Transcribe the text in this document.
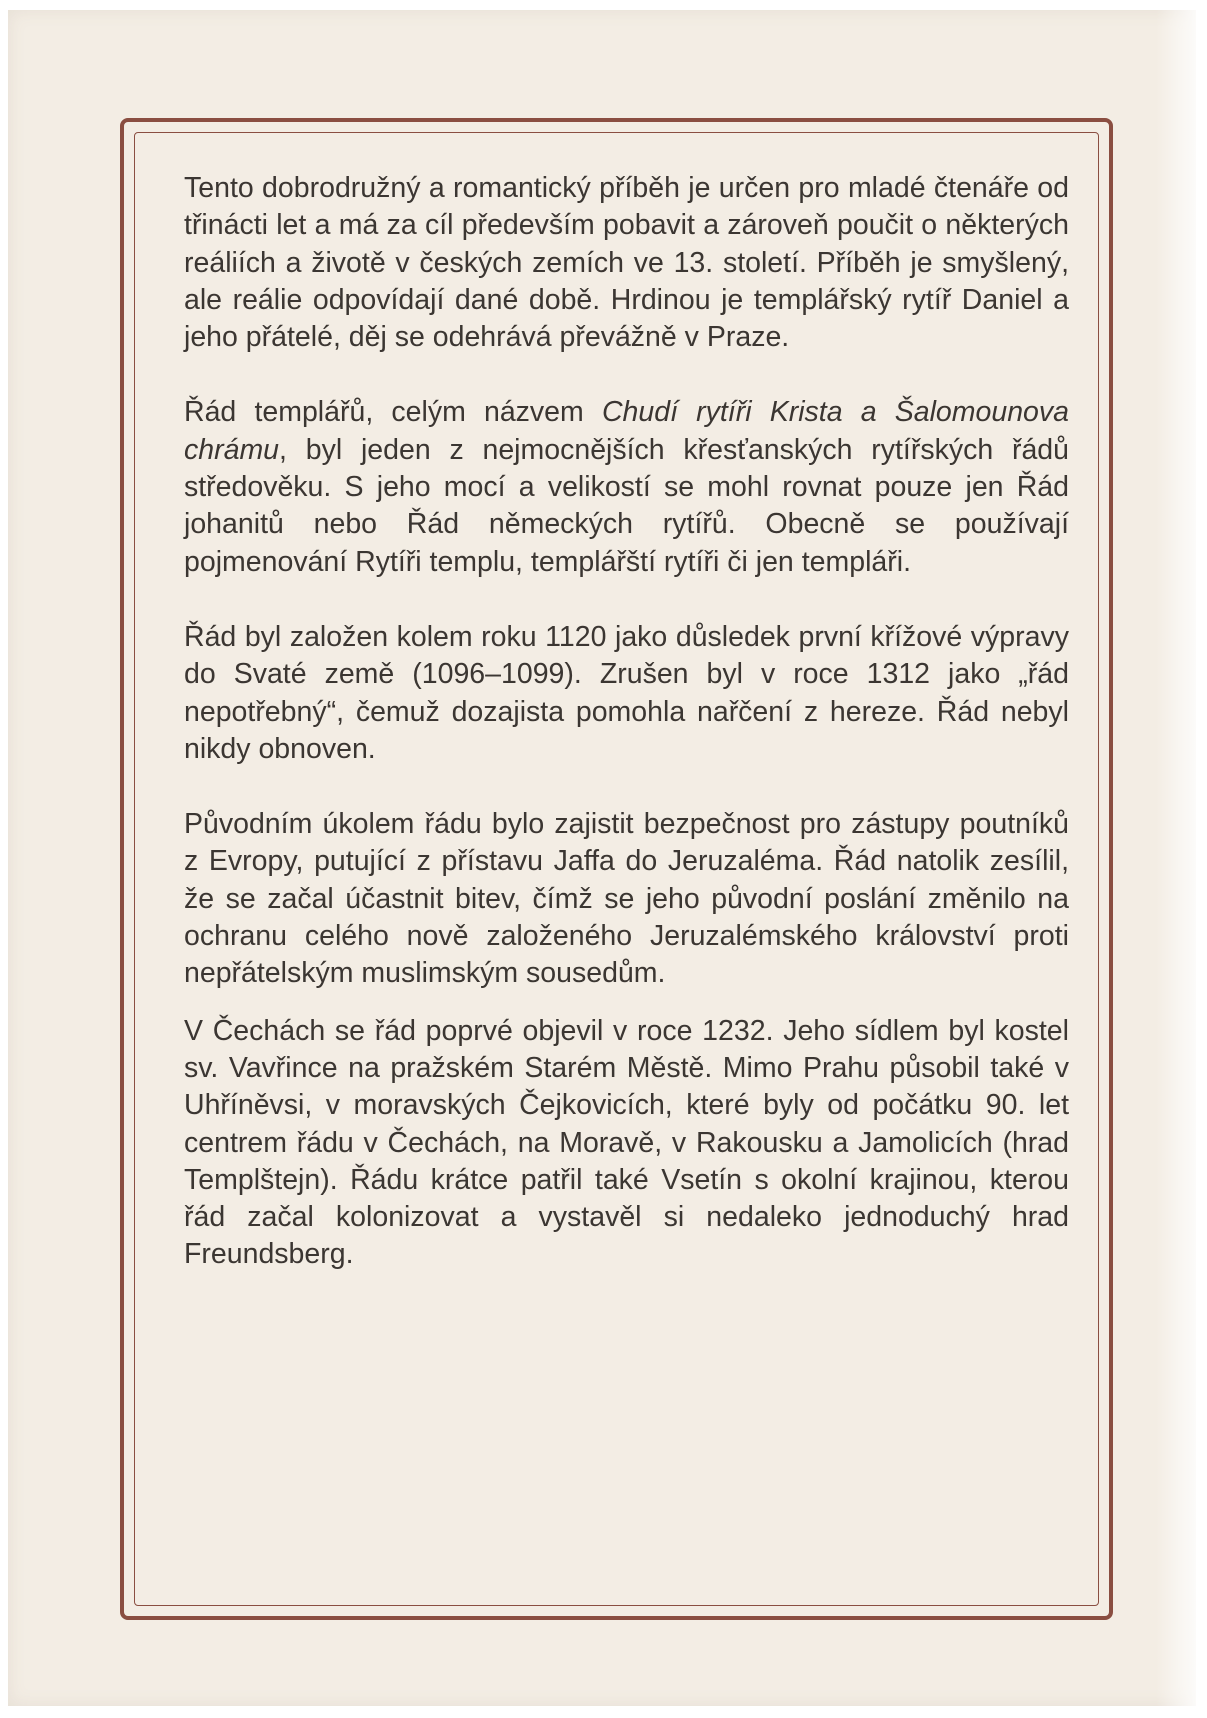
Tento dobrodružný a romantický příběh je určen pro mladé čtenáře od třinácti let a má za cíl především pobavit a zároveň poučit o některých reáliích a životě v českých zemích ve 13. století. Příběh je smyšlený, ale reálie odpovídají dané době. Hrdinou je templářský rytíř Daniel a jeho přátelé, děj se odehrává převážně v Praze.

Řád templářů, celým názvem Chudí rytíři Krista a Šalomounova chrámu, byl jeden z nejmocnějších křesťanských rytířských řádů středověku. S jeho mocí a velikostí se mohl rovnat pouze jen Řád johanitů nebo Řád německých rytířů. Obecně se používají pojmenování Rytíři templu, templářští rytíři či jen templáři.

Řád byl založen kolem roku 1120 jako důsledek první křížové výpravy do Svaté země (1096–1099). Zrušen byl v roce 1312 jako „řád nepotřebný“, čemuž dozajista pomohla nařčení z hereze. Řád nebyl nikdy obnoven.

Původním úkolem řádu bylo zajistit bezpečnost pro zástupy poutníků z Evropy, putující z přístavu Jaffa do Jeruzaléma. Řád natolik zesílil, že se začal účastnit bitev, čímž se jeho původní poslání změnilo na ochranu celého nově založeného Jeruzalémského království proti nepřátelským muslimským sousedům.

V Čechách se řád poprvé objevil v roce 1232. Jeho sídlem byl kostel sv. Vavřince na pražském Starém Městě. Mimo Prahu působil také v Uhříněvsi, v moravských Čejkovicích, které byly od počátku 90. let centrem řádu v Čechách, na Moravě, v Rakousku a Jamolicích (hrad Templštejn). Řádu krátce patřil také Vsetín s okolní krajinou, kterou řád začal kolonizovat a vystavěl si nedaleko jednoduchý hrad Freundsberg.
